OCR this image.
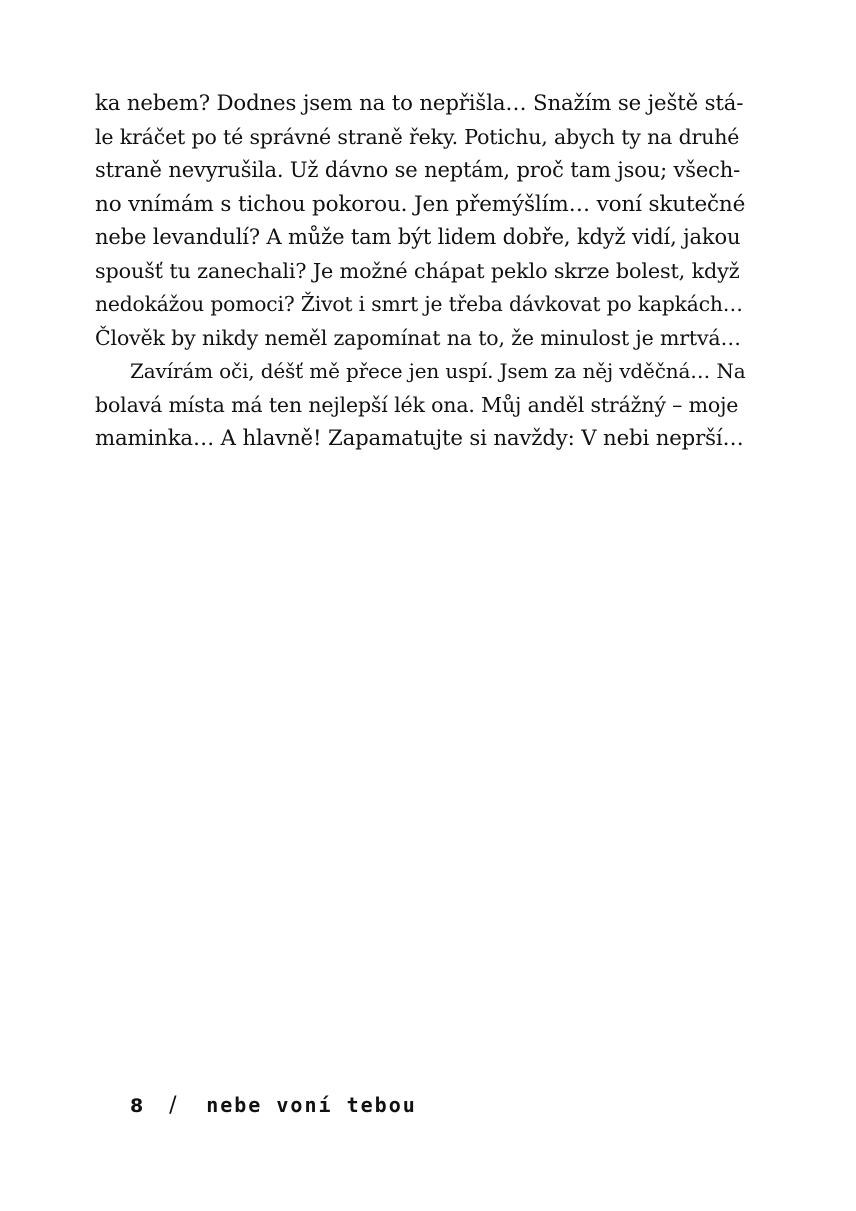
ka nebem? Dodnes jsem na to nepřišla… Snažím se ještě stá-
le kráčet po té správné straně řeky. Potichu, abych ty na druhé
straně nevyrušila. Už dávno se neptám, proč tam jsou; všech-
no vnímám s tichou pokorou. Jen přemýšlím… voní skutečné
nebe levandulí? A může tam být lidem dobře, když vidí, jakou
spoušť tu zanechali? Je možné chápat peklo skrze bolest, když
nedokážou pomoci? Život i smrt je třeba dávkovat po kapkách…
Člověk by nikdy neměl zapomínat na to, že minulost je mrtvá…
Zavírám oči, déšť mě přece jen uspí. Jsem za něj vděčná… Na
bolavá místa má ten nejlepší lék ona. Můj anděl strážný – moje
maminka… A hlavně! Zapamatujte si navždy: V nebi neprší…
8 / nebe voní tebou
